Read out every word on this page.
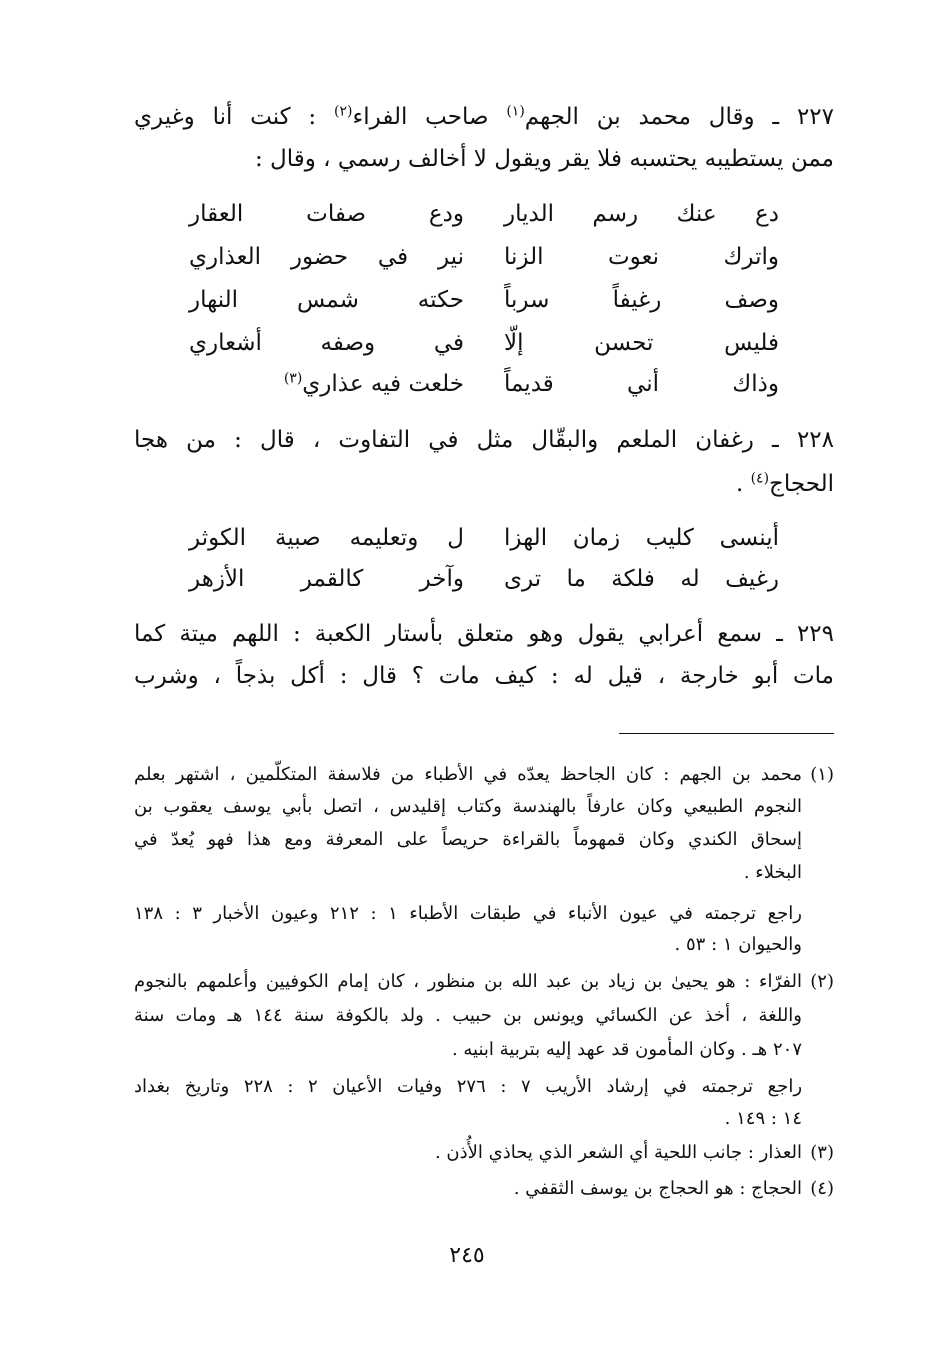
٢٢٧ ـ وقال محمد بن الجهم$^{(١)}$ صاحب الفراء$^{(٢)}$ : كنت أنا وغيري
ممن يستطيبه يحتسبه فلا يقر ويقول لا أخالف رسمي ، وقال :
دع عنك رسم الديار
ودع صفات العقار
واترك نعوت الزنا
نير في حضور العذاري
وصف رغيفاً سرباً
حكته شمس النهار
فليس تحسن إلّا
في وصفه أشعاري
وذاك أني قديماً
خلعت فيه عذاري$^{(٣)}$
٢٢٨ ـ رغفان الملعم والبقّال مثل في التفاوت ، قال : من هجا
الحجاج$^{(٤)}$ .
أينسى كليب زمان الهزا
ل وتعليمه صبية الكوثر
رغيف له فلكة ما ترى
وآخر كالقمر الأزهر
٢٢٩ ـ سمع أعرابي يقول وهو متعلق بأستار الكعبة : اللهم ميتة كما
مات أبو خارجة ، قيل له : كيف مات ؟ قال : أكل بذجاً ، وشرب
(١)محمد بن الجهم : كان الجاحظ يعدّه في الأطباء من فلاسفة المتكلّمين ، اشتهر بعلم
النجوم الطبيعي وكان عارفاً بالهندسة وكتاب إقليدس ، اتصل بأبي يوسف يعقوب بن
إسحاق الكندي وكان قمهوماً بالقراءة حريصاً على المعرفة ومع هذا فهو يُعدّ في
البخلاء .
راجع ترجمته في عيون الأنباء في طبقات الأطباء ١ : ٢١٢ وعيون الأخبار ٣ : ١٣٨
والحيوان ١ : ٥٣ .
(٢)الفرّاء : هو يحيىٰ بن زياد بن عبد الله بن منظور ، كان إمام الكوفيين وأعلمهم بالنجوم
واللغة ، أخذ عن الكسائي ويونس بن حبيب . ولد بالكوفة سنة ١٤٤ هـ ومات سنة
٢٠٧ هـ . وكان المأمون قد عهد إليه بتربية ابنيه .
راجع ترجمته في إرشاد الأريب ٧ : ٢٧٦ وفيات الأعيان ٢ : ٢٢٨ وتاريخ بغداد
١٤ : ١٤٩ .
(٣)العذار : جانب اللحية أي الشعر الذي يحاذي الأُذن .
(٤)الحجاج : هو الحجاج بن يوسف الثقفي .
٢٤٥
